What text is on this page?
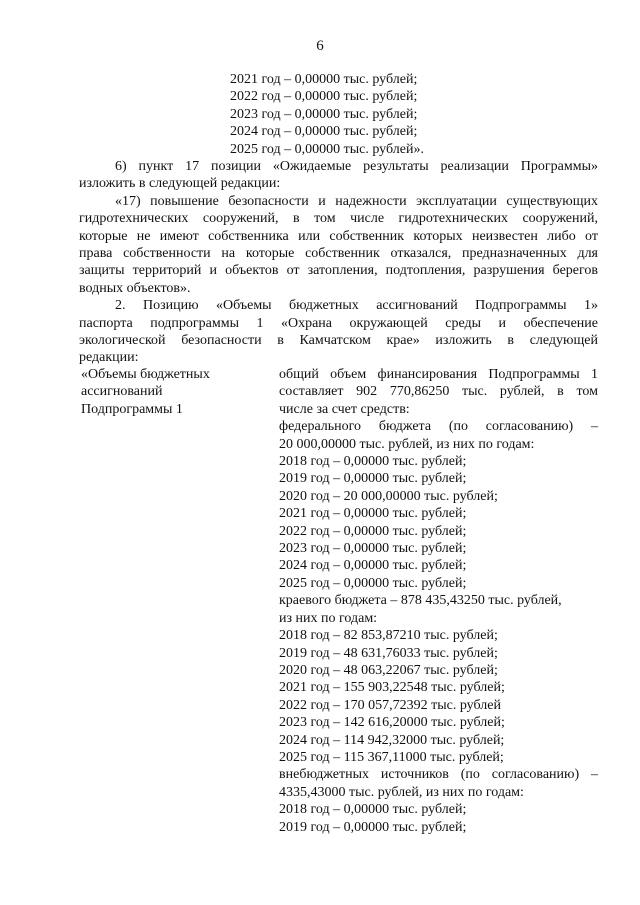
6
2021 год – 0,00000 тыс. рублей;
2022 год – 0,00000 тыс. рублей;
2023 год – 0,00000 тыс. рублей;
2024 год – 0,00000 тыс. рублей;
2025 год – 0,00000 тыс. рублей».
6) пункт 17 позиции «Ожидаемые результаты реализации Программы»
изложить в следующей редакции:
«17) повышение безопасности и надежности эксплуатации существующих
гидротехнических сооружений, в том числе гидротехнических сооружений,
которые не имеют собственника или собственник которых неизвестен либо от
права собственности на которые собственник отказался, предназначенных для
защиты территорий и объектов от затопления, подтопления, разрушения берегов
водных объектов».
2. Позицию «Объемы бюджетных ассигнований Подпрограммы 1»
паспорта подпрограммы 1 «Охрана окружающей среды и обеспечение
экологической безопасности в Камчатском крае» изложить в следующей
редакции:
«Объемы бюджетных
ассигнований
Подпрограммы 1
общий объем финансирования Подпрограммы 1
составляет 902 770,86250 тыс. рублей, в том
числе за счет средств:
федерального бюджета (по согласованию) –
20 000,00000 тыс. рублей, из них по годам:
2018 год – 0,00000 тыс. рублей;
2019 год – 0,00000 тыс. рублей;
2020 год – 20 000,00000 тыс. рублей;
2021 год – 0,00000 тыс. рублей;
2022 год – 0,00000 тыс. рублей;
2023 год – 0,00000 тыс. рублей;
2024 год – 0,00000 тыс. рублей;
2025 год – 0,00000 тыс. рублей;
краевого бюджета – 878 435,43250 тыс. рублей,
из них по годам:
2018 год – 82 853,87210 тыс. рублей;
2019 год – 48 631,76033 тыс. рублей;
2020 год – 48 063,22067 тыс. рублей;
2021 год – 155 903,22548 тыс. рублей;
2022 год – 170 057,72392 тыс. рублей
2023 год – 142 616,20000 тыс. рублей;
2024 год – 114 942,32000 тыс. рублей;
2025 год – 115 367,11000 тыс. рублей;
внебюджетных источников (по согласованию) –
4335,43000 тыс. рублей, из них по годам:
2018 год – 0,00000 тыс. рублей;
2019 год – 0,00000 тыс. рублей;
